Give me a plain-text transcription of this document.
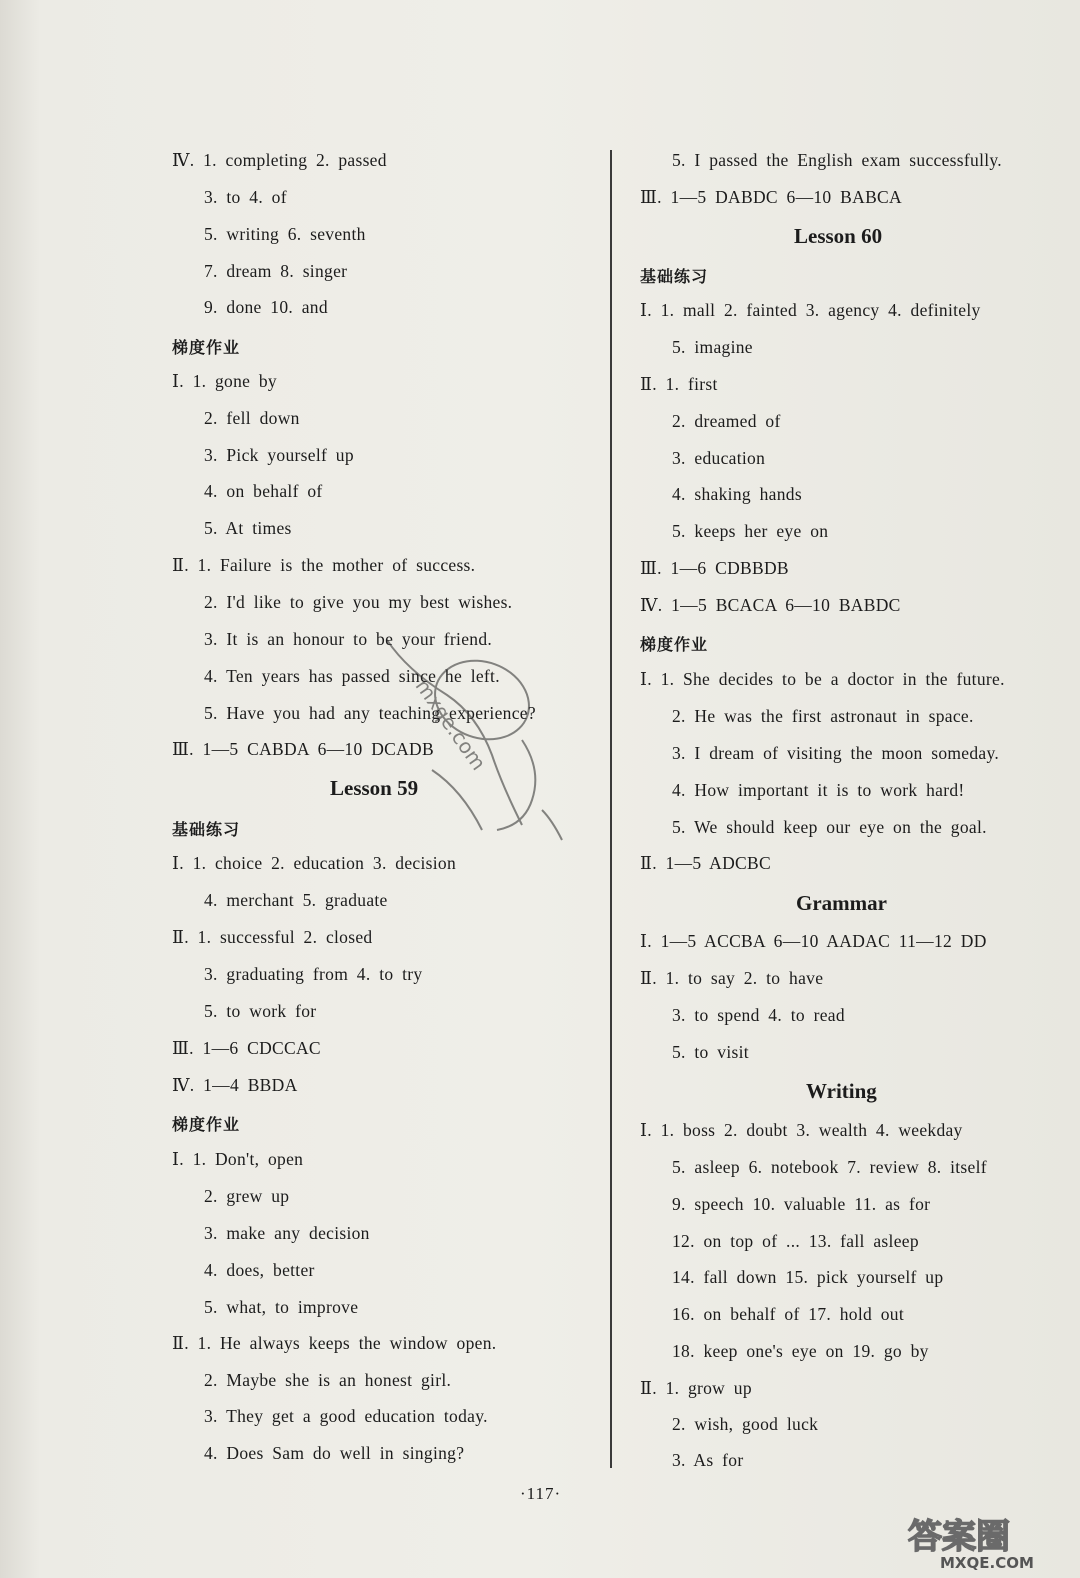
Ⅳ. 1. completing 2. passed
3. to 4. of
5. writing 6. seventh
7. dream 8. singer
9. done 10. and
梯度作业
Ⅰ. 1. gone by
2. fell down
3. Pick yourself up
4. on behalf of
5. At times
Ⅱ. 1. Failure is the mother of success.
2. I'd like to give you my best wishes.
3. It is an honour to be your friend.
4. Ten years has passed since he left.
5. Have you had any teaching experience?
Ⅲ. 1—5 CABDA 6—10 DCADB
Lesson 59
基础练习
Ⅰ. 1. choice 2. education 3. decision
4. merchant 5. graduate
Ⅱ. 1. successful 2. closed
3. graduating from 4. to try
5. to work for
Ⅲ. 1—6 CDCCAC
Ⅳ. 1—4 BBDA
梯度作业
Ⅰ. 1. Don't, open
2. grew up
3. make any decision
4. does, better
5. what, to improve
Ⅱ. 1. He always keeps the window open.
2. Maybe she is an honest girl.
3. They get a good education today.
4. Does Sam do well in singing?
5. I passed the English exam successfully.
Ⅲ. 1—5 DABDC 6—10 BABCA
Lesson 60
基础练习
Ⅰ. 1. mall 2. fainted 3. agency 4. definitely
5. imagine
Ⅱ. 1. first
2. dreamed of
3. education
4. shaking hands
5. keeps her eye on
Ⅲ. 1—6 CDBBDB
Ⅳ. 1—5 BCACA 6—10 BABDC
梯度作业
Ⅰ. 1. She decides to be a doctor in the future.
2. He was the first astronaut in space.
3. I dream of visiting the moon someday.
4. How important it is to work hard!
5. We should keep our eye on the goal.
Ⅱ. 1—5 ADCBC
Grammar
Ⅰ. 1—5 ACCBA 6—10 AADAC 11—12 DD
Ⅱ. 1. to say 2. to have
3. to spend 4. to read
5. to visit
Writing
Ⅰ. 1. boss 2. doubt 3. wealth 4. weekday
5. asleep 6. notebook 7. review 8. itself
9. speech 10. valuable 11. as for
12. on top of ... 13. fall asleep
14. fall down 15. pick yourself up
16. on behalf of 17. hold out
18. keep one's eye on 19. go by
Ⅱ. 1. grow up
2. wish, good luck
3. As for
·117·
mxqe.com
答案圈
MXQE.COM
